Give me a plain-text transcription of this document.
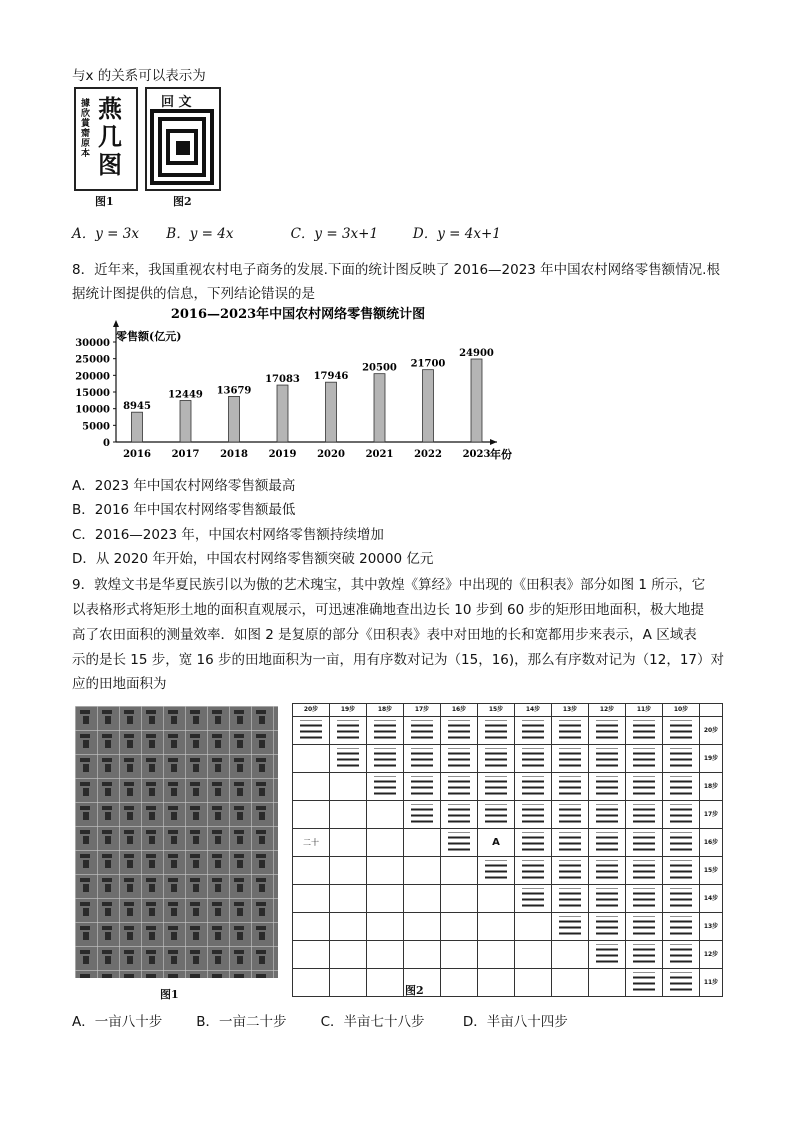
与x 的关系可以表示为
據欣賞齋原本
燕几图
图1
回 文
图2
A．y = 3x B．y = 4x	C．y = 3x+1	D．y = 4x+1
8．近年来，我国重视农村电子商务的发展.下面的统计图反映了 2016—2023 年中国农村网络零售额情况.根
据统计图提供的信息，下列结论错误的是
2016—2023年中国农村网络零售额统计图
零售额(亿元)
年份
0
5000
10000
15000
20000
25000
30000
8945
2016
12449
2017
13679
2018
17083
2019
17946
2020
20500
2021
21700
2022
24900
2023
A．2023 年中国农村网络零售额最高
B．2016 年中国农村网络零售额最低
C．2016—2023 年，中国农村网络零售额持续增加
D．从 2020 年开始，中国农村网络零售额突破 20000 亿元
9．敦煌文书是华夏民族引以为傲的艺术瑰宝，其中敦煌《算经》中出现的《田积表》部分如图 1 所示，它
以表格形式将矩形土地的面积直观展示，可迅速准确地查出边长 10 步到 60 步的矩形田地面积，极大地提
高了农田面积的测量效率．如图 2 是复原的部分《田积表》表中对田地的长和宽都用步来表示，A 区域表
示的是长 15 步，宽 16 步的田地面积为一亩，用有序数对记为（15，16)，那么有序数对记为（12，17）对
应的田地面积为
图1
20步	19步	18步	17步	16步	15步	14步	13步	12步	11步	10步	
											20步
											19步
											18步
											17步
二十					A						16步
											15步
											14步
											13步
											12步
											11步
图2
A．一亩八十步	B．一亩二十步	C．半亩七十八步	D．半亩八十四步
